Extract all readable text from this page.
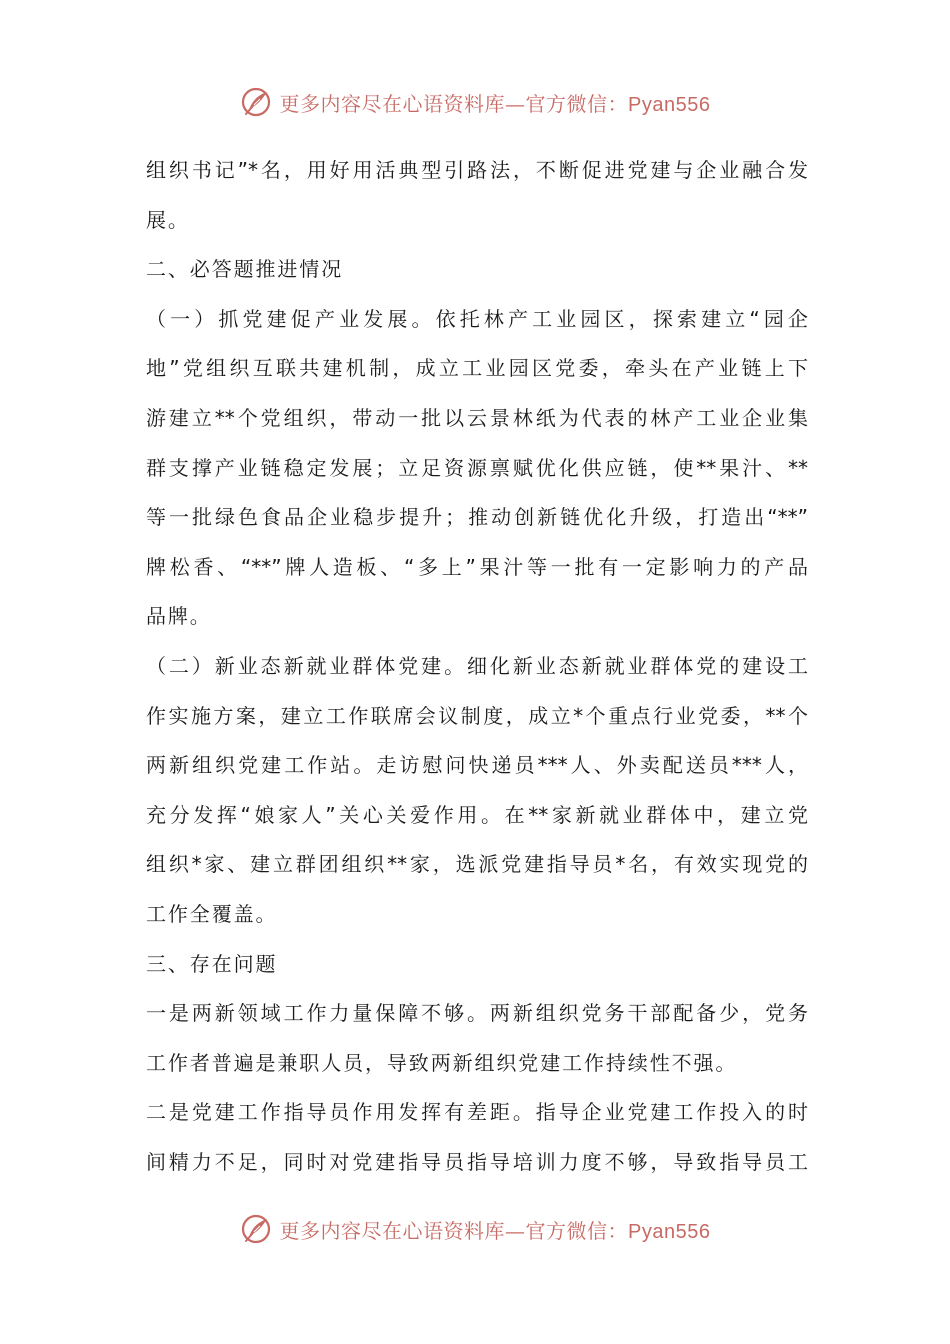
更多内容尽在心语资料库—官方微信：Pyan556
组织书记”*名，用好用活典型引路法，不断促进党建与企业融合发
展。
二、必答题推进情况
（一）抓党建促产业发展。依托林产工业园区，探索建立“园企
地”党组织互联共建机制，成立工业园区党委，牵头在产业链上下
游建立**个党组织，带动一批以云景林纸为代表的林产工业企业集
群支撑产业链稳定发展；立足资源禀赋优化供应链，使**果汁、**
等一批绿色食品企业稳步提升；推动创新链优化升级，打造出“**”
牌松香、“**”牌人造板、“多上”果汁等一批有一定影响力的产品
品牌。
（二）新业态新就业群体党建。细化新业态新就业群体党的建设工
作实施方案，建立工作联席会议制度，成立*个重点行业党委，**个
两新组织党建工作站。走访慰问快递员***人、外卖配送员***人，
充分发挥“娘家人”关心关爱作用。在**家新就业群体中，建立党
组织*家、建立群团组织**家，选派党建指导员*名，有效实现党的
工作全覆盖。
三、存在问题
一是两新领域工作力量保障不够。两新组织党务干部配备少，党务
工作者普遍是兼职人员，导致两新组织党建工作持续性不强。
二是党建工作指导员作用发挥有差距。指导企业党建工作投入的时
间精力不足，同时对党建指导员指导培训力度不够，导致指导员工
更多内容尽在心语资料库—官方微信：Pyan556
